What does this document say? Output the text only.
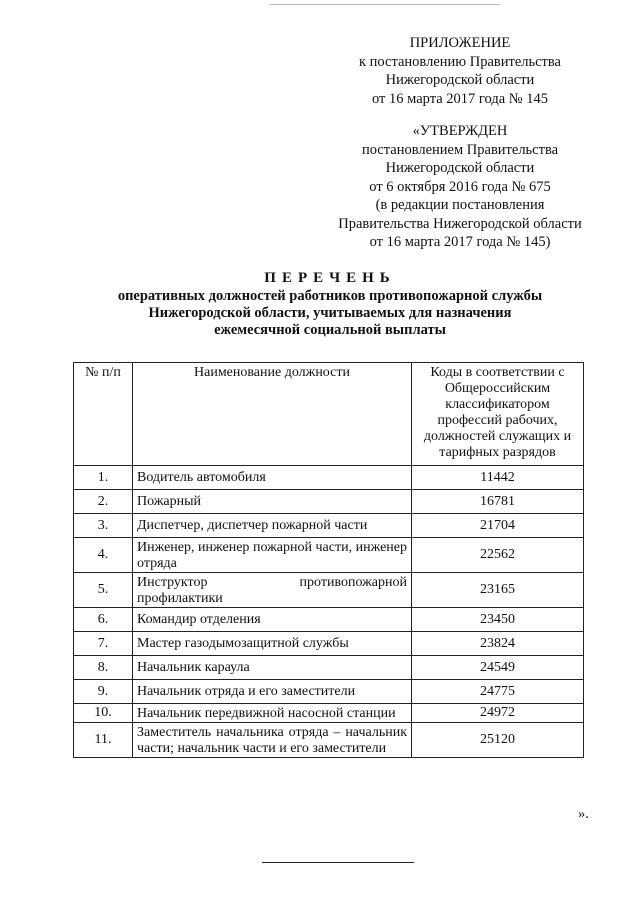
ПРИЛОЖЕНИЕ
к постановлению Правительства
Нижегородской области
от 16 марта 2017 года № 145
«УТВЕРЖДЕН
постановлением Правительства
Нижегородской области
от 6 октября 2016 года № 675
(в редакции постановления
Правительства Нижегородской области
от 16 марта 2017 года № 145)
ПЕРЕЧЕНЬ
оперативных должностей работников противопожарной службы
Нижегородской области, учитываемых для назначения
ежемесячной социальной выплаты
№ п/п	Наименование должности	Коды в соответствии с Общероссийским классификатором профессий рабочих, должностей служащих и тарифных разрядов
1.	Водитель автомобиля	11442
2.	Пожарный	16781
3.	Диспетчер, диспетчер пожарной части	21704
4.	Инженер, инженер пожарной части, инженер отряда	22562
5.	Инструктор противопожарной профилактики	23165
6.	Командир отделения	23450
7.	Мастер газодымозащитной службы	23824
8.	Начальник караула	24549
9.	Начальник отряда и его заместители	24775
10.	Начальник передвижной насосной станции	24972
11.	Заместитель начальника отряда – начальник части; начальник части и его заместители	25120
».
